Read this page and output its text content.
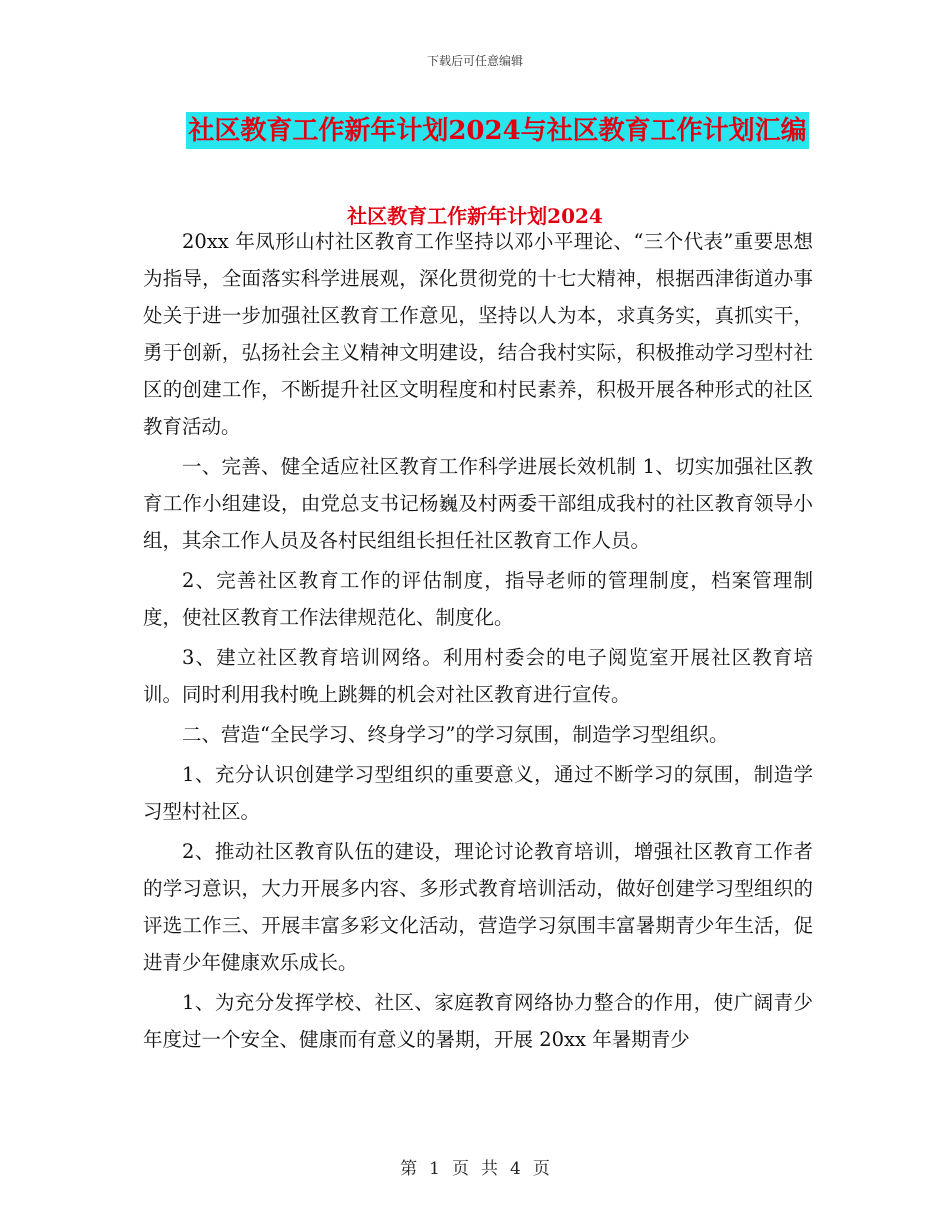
下载后可任意编辑
社区教育工作新年计划2024与社区教育工作计划汇编
社区教育工作新年计划2024

20xx 年凤形山村社区教育工作坚持以邓小平理论、“三个代表”重要思想为指导，全面落实科学进展观，深化贯彻党的十七大精神，根据西津街道办事处关于进一步加强社区教育工作意见，坚持以人为本，求真务实，真抓实干，勇于创新，弘扬社会主义精神文明建设，结合我村实际，积极推动学习型村社区的创建工作，不断提升社区文明程度和村民素养，积极开展各种形式的社区教育活动。

一、完善、健全适应社区教育工作科学进展长效机制 1、切实加强社区教育工作小组建设，由党总支书记杨巍及村两委干部组成我村的社区教育领导小组，其余工作人员及各村民组组长担任社区教育工作人员。

2、完善社区教育工作的评估制度，指导老师的管理制度，档案管理制度，使社区教育工作法律规范化、制度化。

3、建立社区教育培训网络。利用村委会的电子阅览室开展社区教育培训。同时利用我村晚上跳舞的机会对社区教育进行宣传。

二、营造“全民学习、终身学习”的学习氛围，制造学习型组织。

1、充分认识创建学习型组织的重要意义，通过不断学习的氛围，制造学习型村社区。

2、推动社区教育队伍的建设，理论讨论教育培训，增强社区教育工作者的学习意识，大力开展多内容、多形式教育培训活动，做好创建学习型组织的评选工作三、开展丰富多彩文化活动，营造学习氛围丰富暑期青少年生活，促进青少年健康欢乐成长。

1、为充分发挥学校、社区、家庭教育网络协力整合的作用，使广阔青少年度过一个安全、健康而有意义的暑期，开展 20xx 年暑期青少

第 1 页 共 4 页
